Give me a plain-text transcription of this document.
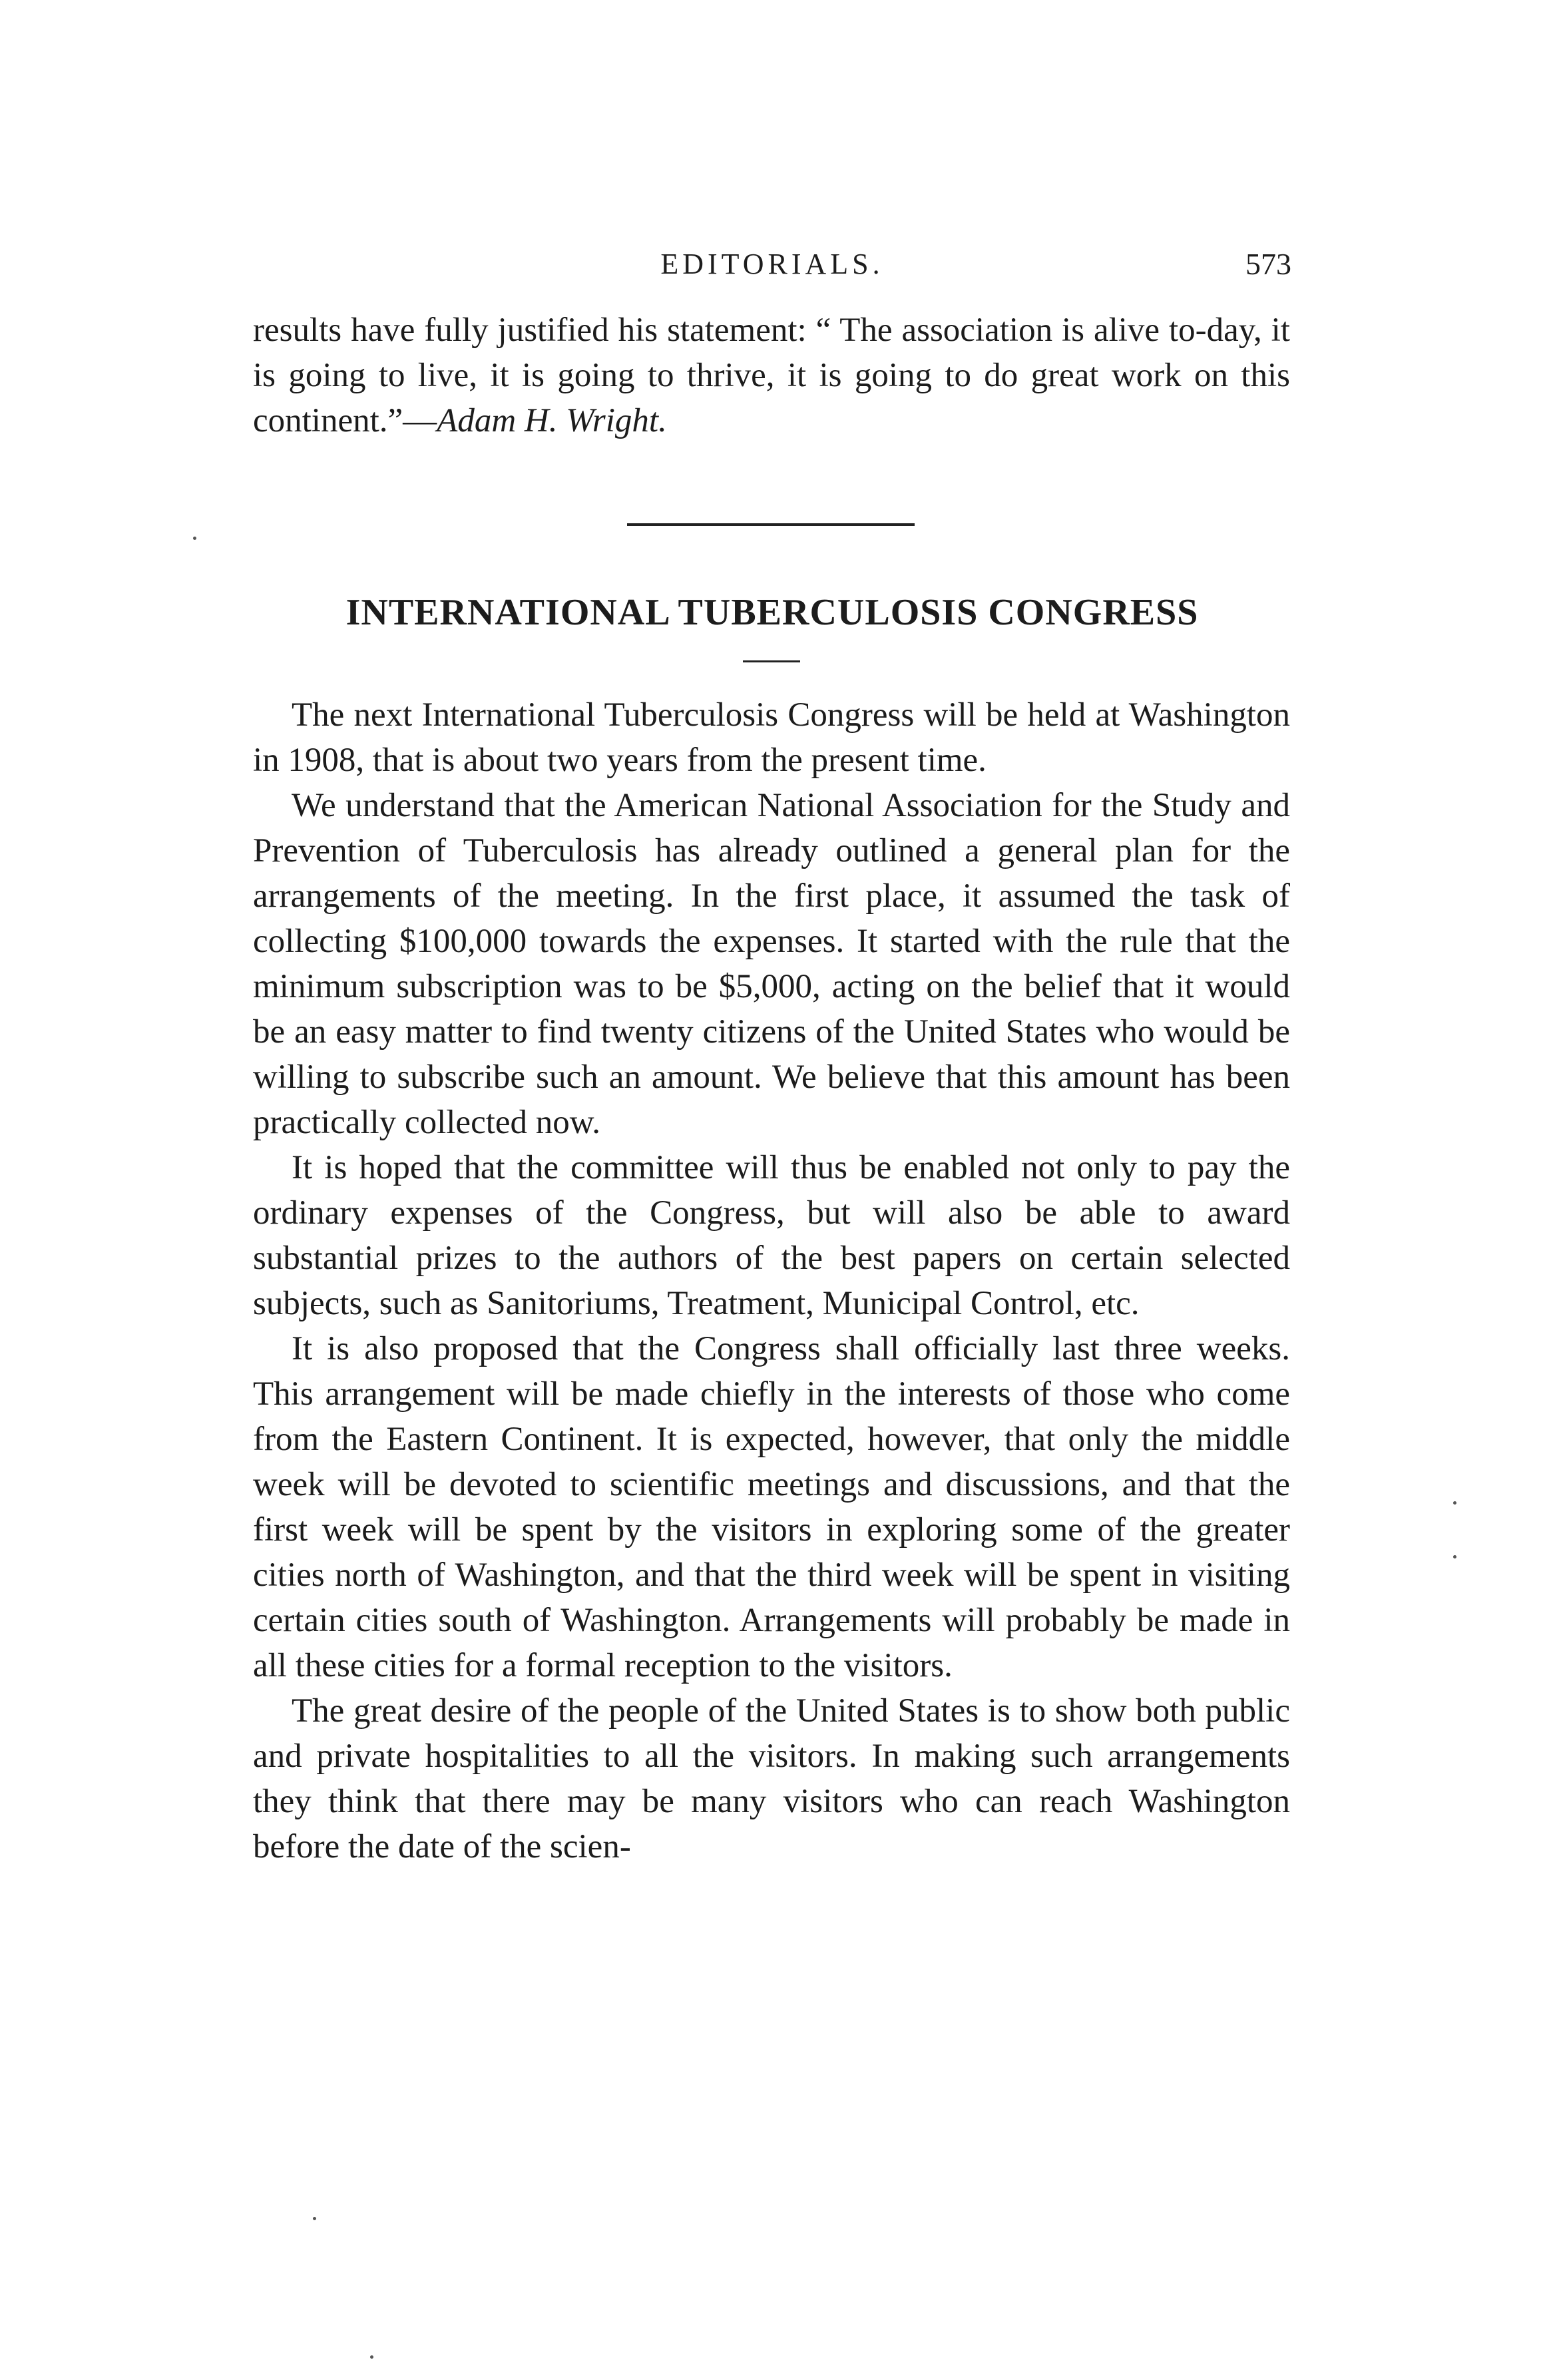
EDITORIALS.	573

results have fully justified his statement: “ The association is alive to-day, it is going to live, it is going to thrive, it is going to do great work on this continent.”—Adam H. Wright.

INTERNATIONAL TUBERCULOSIS CONGRESS

The next International Tuberculosis Congress will be held at Washington in 1908, that is about two years from the present time.

We understand that the American National Association for the Study and Prevention of Tuberculosis has already outlined a general plan for the arrangements of the meeting. In the first place, it assumed the task of collecting $100,000 towards the expenses. It started with the rule that the minimum subscription was to be $5,000, acting on the belief that it would be an easy matter to find twenty citizens of the United States who would be willing to subscribe such an amount. We believe that this amount has been practically collected now.

It is hoped that the committee will thus be enabled not only to pay the ordinary expenses of the Congress, but will also be able to award substantial prizes to the authors of the best papers on certain selected subjects, such as Sanitoriums, Treatment, Municipal Control, etc.

It is also proposed that the Congress shall officially last three weeks. This arrangement will be made chiefly in the interests of those who come from the Eastern Continent. It is expected, however, that only the middle week will be devoted to scientific meetings and discussions, and that the first week will be spent by the visitors in exploring some of the greater cities north of Washington, and that the third week will be spent in visiting certain cities south of Washington. Arrangements will probably be made in all these cities for a formal reception to the visitors.

The great desire of the people of the United States is to show both public and private hospitalities to all the visitors. In making such arrangements they think that there may be many visitors who can reach Washington before the date of the scien-
